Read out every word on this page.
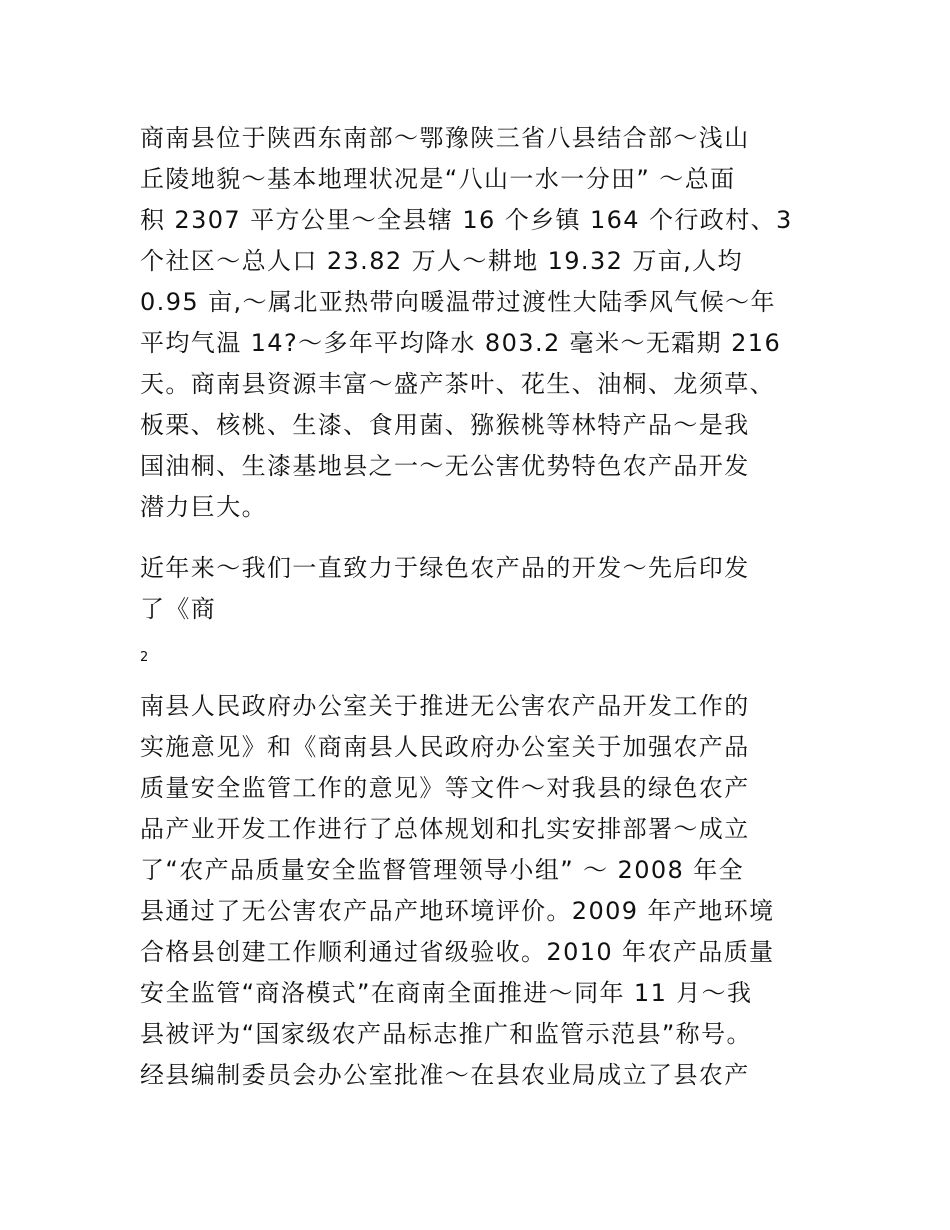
商南县位于陕西东南部～鄂豫陕三省八县结合部～浅山
丘陵地貌～基本地理状况是“八山一水一分田” ～总面
积 2307 平方公里～全县辖 16 个乡镇 164 个行政村、3
个社区～总人口 23.82 万人～耕地 19.32 万亩,人均
0.95 亩,～属北亚热带向暖温带过渡性大陆季风气候～年
平均气温 14?～多年平均降水 803.2 毫米～无霜期 216
天。商南县资源丰富～盛产茶叶、花生、油桐、龙须草、
板栗、核桃、生漆、食用菌、猕猴桃等林特产品～是我
国油桐、生漆基地县之一～无公害优势特色农产品开发
潜力巨大。

近年来～我们一直致力于绿色农产品的开发～先后印发
了《商

2

南县人民政府办公室关于推进无公害农产品开发工作的
实施意见》和《商南县人民政府办公室关于加强农产品
质量安全监管工作的意见》等文件～对我县的绿色农产
品产业开发工作进行了总体规划和扎实安排部署～成立
了“农产品质量安全监督管理领导小组” ～ 2008 年全
县通过了无公害农产品产地环境评价。2009 年产地环境
合格县创建工作顺利通过省级验收。2010 年农产品质量
安全监管“商洛模式”在商南全面推进～同年 11 月～我
县被评为“国家级农产品标志推广和监管示范县”称号。
经县编制委员会办公室批准～在县农业局成立了县农产
